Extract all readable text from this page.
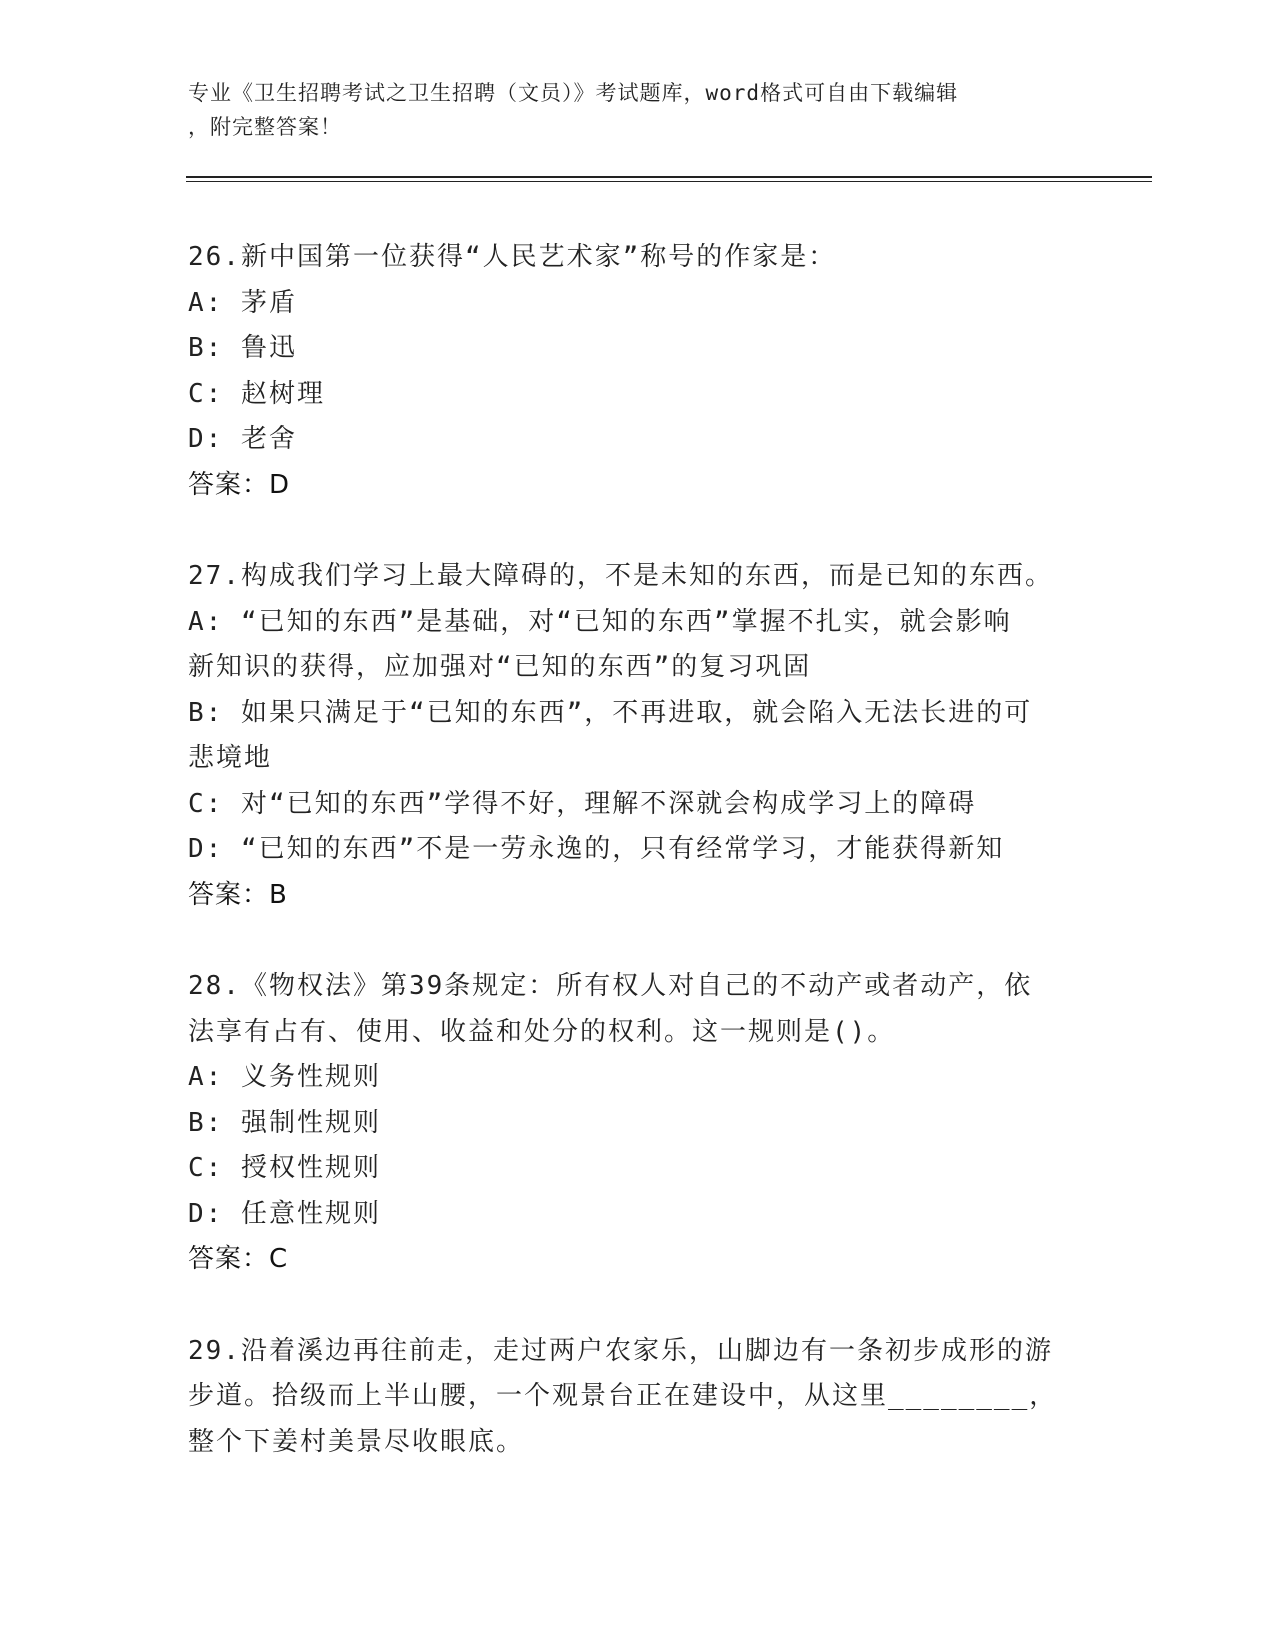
专业《卫生招聘考试之卫生招聘（文员）》考试题库，word格式可自由下载编辑
，附完整答案！
26.新中国第一位获得“人民艺术家”称号的作家是：
A: 茅盾
B: 鲁迅
C: 赵树理
D: 老舍
答案：D
27.构成我们学习上最大障碍的，不是未知的东西，而是已知的东西。
A: “已知的东西”是基础，对“已知的东西”掌握不扎实，就会影响
新知识的获得，应加强对“已知的东西”的复习巩固
B: 如果只满足于“已知的东西”，不再进取，就会陷入无法长进的可
悲境地
C: 对“已知的东西”学得不好，理解不深就会构成学习上的障碍
D: “已知的东西”不是一劳永逸的，只有经常学习，才能获得新知
答案：B
28.《物权法》第39条规定：所有权人对自己的不动产或者动产，依
法享有占有、使用、收益和处分的权利。这一规则是()。
A: 义务性规则
B: 强制性规则
C: 授权性规则
D: 任意性规则
答案：C
29.沿着溪边再往前走，走过两户农家乐，山脚边有一条初步成形的游
步道。拾级而上半山腰，一个观景台正在建设中，从这里________，
整个下姜村美景尽收眼底。
